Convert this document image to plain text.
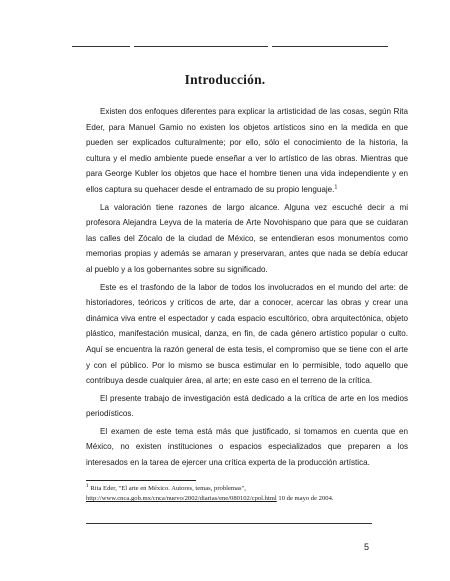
Introducción.

Existen dos enfoques diferentes para explicar la artisticidad de las cosas, según Rita Eder, para Manuel Gamio no existen los objetos artísticos sino en la medida en que pueden ser explicados culturalmente; por ello, sólo el conocimiento de la historia, la cultura y el medio ambiente puede enseñar a ver lo artístico de las obras. Mientras que para George Kubler los objetos que hace el hombre tienen una vida independiente y en ellos captura su quehacer desde el entramado de su propio lenguaje.$^1$

La valoración tiene razones de largo alcance. Alguna vez escuché decir a mi profesora Alejandra Leyva de la materia de Arte Novohispano que para que se cuidaran las calles del Zócalo de la ciudad de México, se entendieran esos monumentos como memorias propias y además se amaran y preservaran, antes que nada se debía educar al pueblo y a los gobernantes sobre su significado.

Este es el trasfondo de la labor de todos los involucrados en el mundo del arte: de historiadores, teóricos y críticos de arte, dar a conocer, acercar las obras y crear una dinámica viva entre el espectador y cada espacio escultórico, obra arquitectónica, objeto plástico, manifestación musical, danza, en fin, de cada género artístico popular o culto. Aquí se encuentra la razón general de esta tesis, el compromiso que se tiene con el arte y con el público. Por lo mismo se busca estimular en lo permisible, todo aquello que contribuya desde cualquier área, al arte; en este caso en el terreno de la crítica.

El presente trabajo de investigación está dedicado a la crítica de arte en los medios periodísticos.

El examen de este tema está más que justificado, si tomamos en cuenta que en México, no existen instituciones o espacios especializados que preparen a los interesados en la tarea de ejercer una crítica experta de la producción artística.

$^1$ Rita Eder, "El arte en México. Autores, temas, problemas", http://www.cnca.gob.mx/cnca/nuevo/2002/diarias/ene/080102/cpol.html 10 de mayo de 2004.
5
